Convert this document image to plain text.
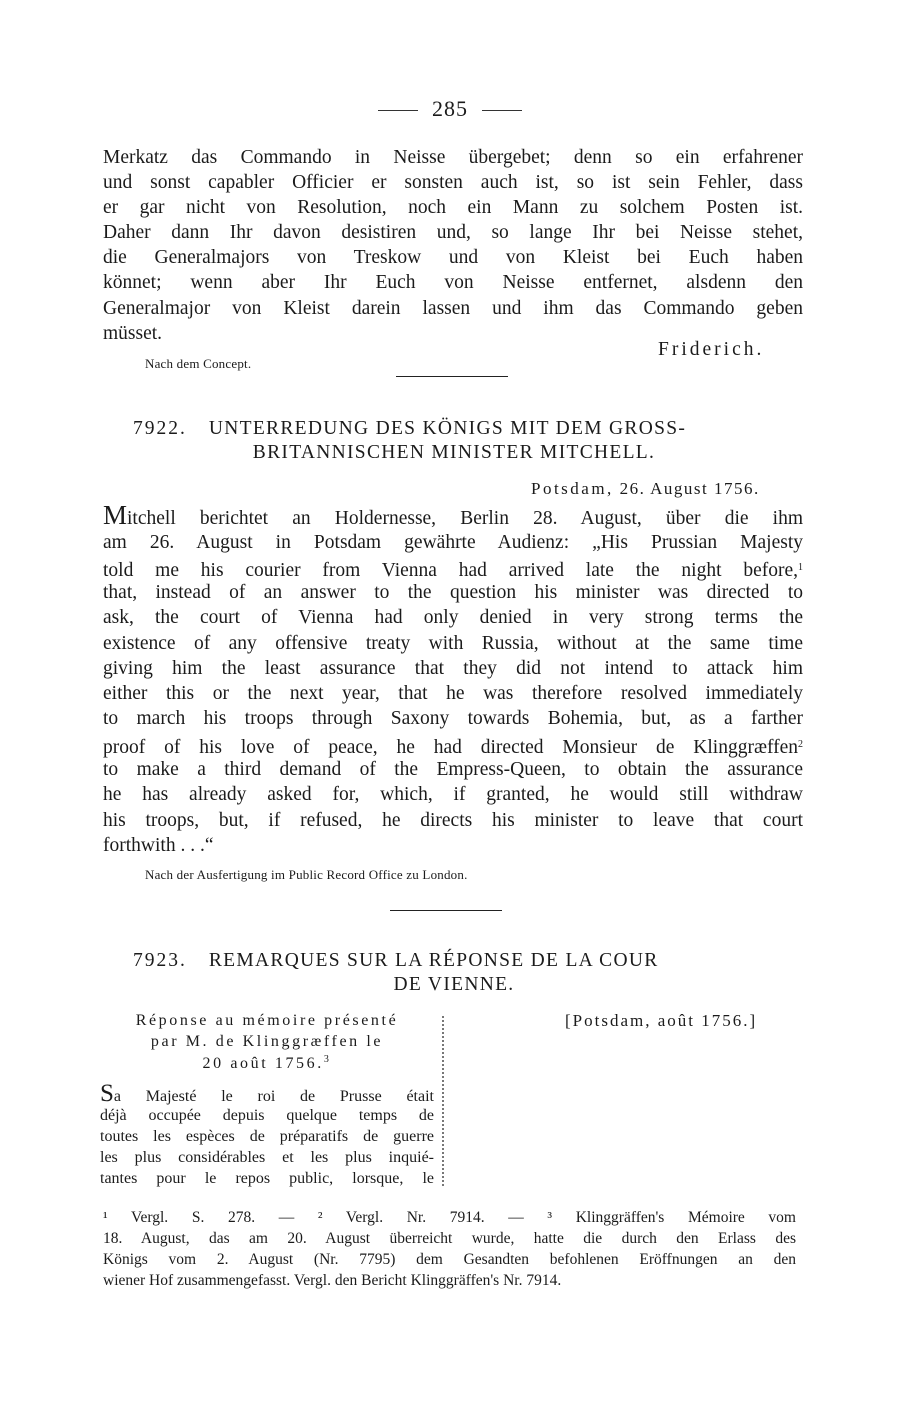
285
Merkatz das Commando in Neisse übergebet; denn so ein erfahrener
und sonst capabler Officier er sonsten auch ist, so ist sein Fehler, dass
er gar nicht von Resolution, noch ein Mann zu solchem Posten ist.
Daher dann Ihr davon desistiren und, so lange Ihr bei Neisse stehet,
die Generalmajors von Treskow und von Kleist bei Euch haben
könnet; wenn aber Ihr Euch von Neisse entfernet, alsdenn den
Generalmajor von Kleist darein lassen und ihm das Commando geben
müsset.
Friderich.
Nach dem Concept.
7922. UNTERREDUNG DES KÖNIGS MIT DEM GROSS-
BRITANNISCHEN MINISTER MITCHELL.
Potsdam, 26. August 1756.
Mitchell berichtet an Holdernesse, Berlin 28. August, über die ihm
am 26. August in Potsdam gewährte Audienz: „His Prussian Majesty
told me his courier from Vienna had arrived late the night before,$^1$
that, instead of an answer to the question his minister was directed to
ask, the court of Vienna had only denied in very strong terms the
existence of any offensive treaty with Russia, without at the same time
giving him the least assurance that they did not intend to attack him
either this or the next year, that he was therefore resolved immediately
to march his troops through Saxony towards Bohemia, but, as a farther
proof of his love of peace, he had directed Monsieur de Klinggræffen$^2$
to make a third demand of the Empress-Queen, to obtain the assurance
he has already asked for, which, if granted, he would still withdraw
his troops, but, if refused, he directs his minister to leave that court
forthwith . . .“
Nach der Ausfertigung im Public Record Office zu London.
7923. REMARQUES SUR LA RÉPONSE DE LA COUR
DE VIENNE.
Réponse au mémoire présenté
par M. de Klinggræffen le
20 août 1756.$^3$
Sa Majesté le roi de Prusse était
déjà occupée depuis quelque temps de
toutes les espèces de préparatifs de guerre
les plus considérables et les plus inquié-
tantes pour le repos public, lorsque, le
[Potsdam, août 1756.]
¹ Vergl. S. 278. — ² Vergl. Nr. 7914. — ³ Klinggräffen's Mémoire vom
18. August, das am 20. August überreicht wurde, hatte die durch den Erlass des
Königs vom 2. August (Nr. 7795) dem Gesandten befohlenen Eröffnungen an den
wiener Hof zusammengefasst. Vergl. den Bericht Klinggräffen's Nr. 7914.
